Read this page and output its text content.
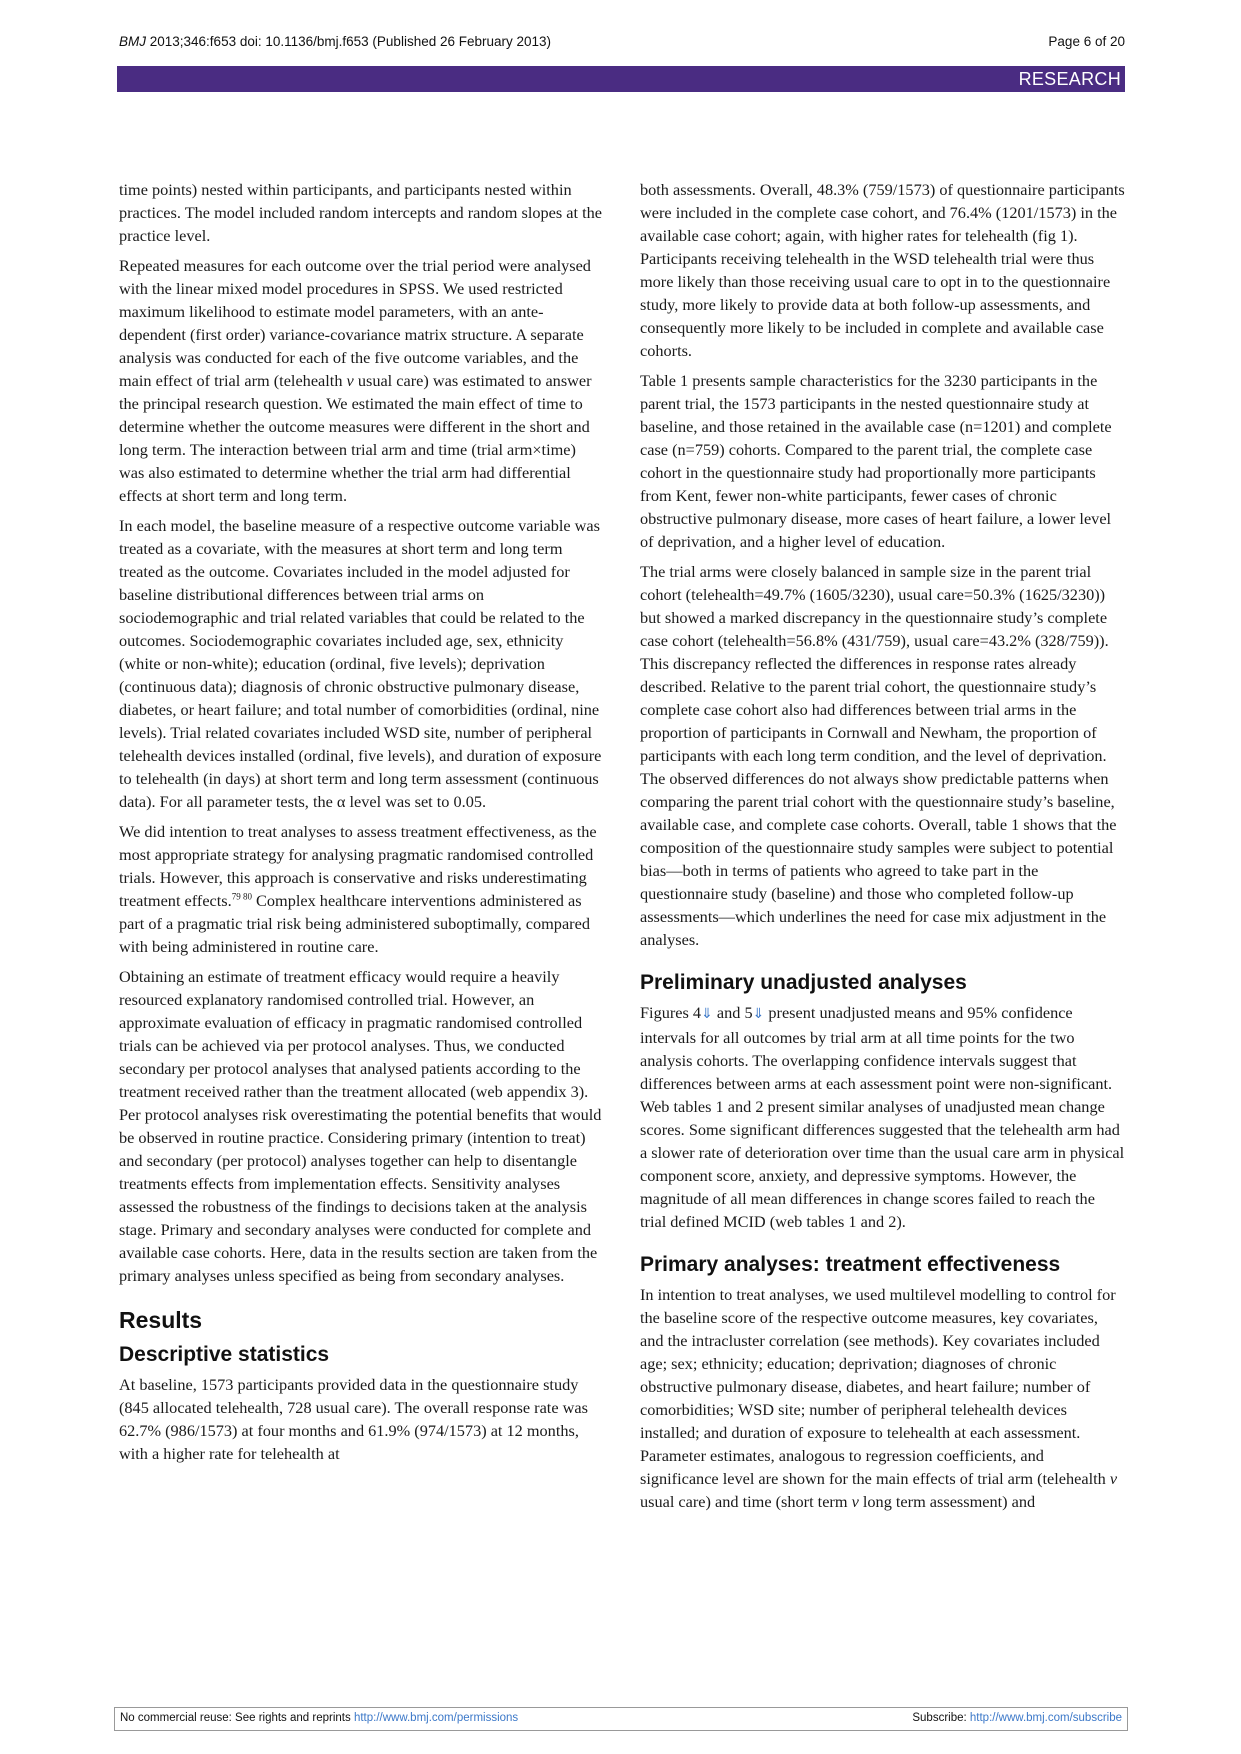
BMJ 2013;346:f653 doi: 10.1136/bmj.f653 (Published 26 February 2013)	Page 6 of 20
RESEARCH

time points) nested within participants, and participants nested within practices. The model included random intercepts and random slopes at the practice level.

Repeated measures for each outcome over the trial period were analysed with the linear mixed model procedures in SPSS. We used restricted maximum likelihood to estimate model parameters, with an ante-dependent (first order) variance-covariance matrix structure. A separate analysis was conducted for each of the five outcome variables, and the main effect of trial arm (telehealth v usual care) was estimated to answer the principal research question. We estimated the main effect of time to determine whether the outcome measures were different in the short and long term. The interaction between trial arm and time (trial arm×time) was also estimated to determine whether the trial arm had differential effects at short term and long term.

In each model, the baseline measure of a respective outcome variable was treated as a covariate, with the measures at short term and long term treated as the outcome. Covariates included in the model adjusted for baseline distributional differences between trial arms on sociodemographic and trial related variables that could be related to the outcomes. Sociodemographic covariates included age, sex, ethnicity (white or non-white); education (ordinal, five levels); deprivation (continuous data); diagnosis of chronic obstructive pulmonary disease, diabetes, or heart failure; and total number of comorbidities (ordinal, nine levels). Trial related covariates included WSD site, number of peripheral telehealth devices installed (ordinal, five levels), and duration of exposure to telehealth (in days) at short term and long term assessment (continuous data). For all parameter tests, the α level was set to 0.05.

We did intention to treat analyses to assess treatment effectiveness, as the most appropriate strategy for analysing pragmatic randomised controlled trials. However, this approach is conservative and risks underestimating treatment effects.$^{79 80}$ Complex healthcare interventions administered as part of a pragmatic trial risk being administered suboptimally, compared with being administered in routine care.

Obtaining an estimate of treatment efficacy would require a heavily resourced explanatory randomised controlled trial. However, an approximate evaluation of efficacy in pragmatic randomised controlled trials can be achieved via per protocol analyses. Thus, we conducted secondary per protocol analyses that analysed patients according to the treatment received rather than the treatment allocated (web appendix 3). Per protocol analyses risk overestimating the potential benefits that would be observed in routine practice. Considering primary (intention to treat) and secondary (per protocol) analyses together can help to disentangle treatments effects from implementation effects. Sensitivity analyses assessed the robustness of the findings to decisions taken at the analysis stage. Primary and secondary analyses were conducted for complete and available case cohorts. Here, data in the results section are taken from the primary analyses unless specified as being from secondary analyses.

Results
Descriptive statistics

At baseline, 1573 participants provided data in the questionnaire study (845 allocated telehealth, 728 usual care). The overall response rate was 62.7% (986/1573) at four months and 61.9% (974/1573) at 12 months, with a higher rate for telehealth at

both assessments. Overall, 48.3% (759/1573) of questionnaire participants were included in the complete case cohort, and 76.4% (1201/1573) in the available case cohort; again, with higher rates for telehealth (fig 1). Participants receiving telehealth in the WSD telehealth trial were thus more likely than those receiving usual care to opt in to the questionnaire study, more likely to provide data at both follow-up assessments, and consequently more likely to be included in complete and available case cohorts.

Table 1 presents sample characteristics for the 3230 participants in the parent trial, the 1573 participants in the nested questionnaire study at baseline, and those retained in the available case (n=1201) and complete case (n=759) cohorts. Compared to the parent trial, the complete case cohort in the questionnaire study had proportionally more participants from Kent, fewer non-white participants, fewer cases of chronic obstructive pulmonary disease, more cases of heart failure, a lower level of deprivation, and a higher level of education.

The trial arms were closely balanced in sample size in the parent trial cohort (telehealth=49.7% (1605/3230), usual care=50.3% (1625/3230)) but showed a marked discrepancy in the questionnaire study’s complete case cohort (telehealth=56.8% (431/759), usual care=43.2% (328/759)). This discrepancy reflected the differences in response rates already described. Relative to the parent trial cohort, the questionnaire study’s complete case cohort also had differences between trial arms in the proportion of participants in Cornwall and Newham, the proportion of participants with each long term condition, and the level of deprivation. The observed differences do not always show predictable patterns when comparing the parent trial cohort with the questionnaire study’s baseline, available case, and complete case cohorts. Overall, table 1 shows that the composition of the questionnaire study samples were subject to potential bias—both in terms of patients who agreed to take part in the questionnaire study (baseline) and those who completed follow-up assessments—which underlines the need for case mix adjustment in the analyses.

Preliminary unadjusted analyses

Figures 4⇓ and 5⇓ present unadjusted means and 95% confidence intervals for all outcomes by trial arm at all time points for the two analysis cohorts. The overlapping confidence intervals suggest that differences between arms at each assessment point were non-significant. Web tables 1 and 2 present similar analyses of unadjusted mean change scores. Some significant differences suggested that the telehealth arm had a slower rate of deterioration over time than the usual care arm in physical component score, anxiety, and depressive symptoms. However, the magnitude of all mean differences in change scores failed to reach the trial defined MCID (web tables 1 and 2).

Primary analyses: treatment effectiveness

In intention to treat analyses, we used multilevel modelling to control for the baseline score of the respective outcome measures, key covariates, and the intracluster correlation (see methods). Key covariates included age; sex; ethnicity; education; deprivation; diagnoses of chronic obstructive pulmonary disease, diabetes, and heart failure; number of comorbidities; WSD site; number of peripheral telehealth devices installed; and duration of exposure to telehealth at each assessment. Parameter estimates, analogous to regression coefficients, and significance level are shown for the main effects of trial arm (telehealth v usual care) and time (short term v long term assessment) and

No commercial reuse: See rights and reprints http://www.bmj.com/permissions	Subscribe: http://www.bmj.com/subscribe
